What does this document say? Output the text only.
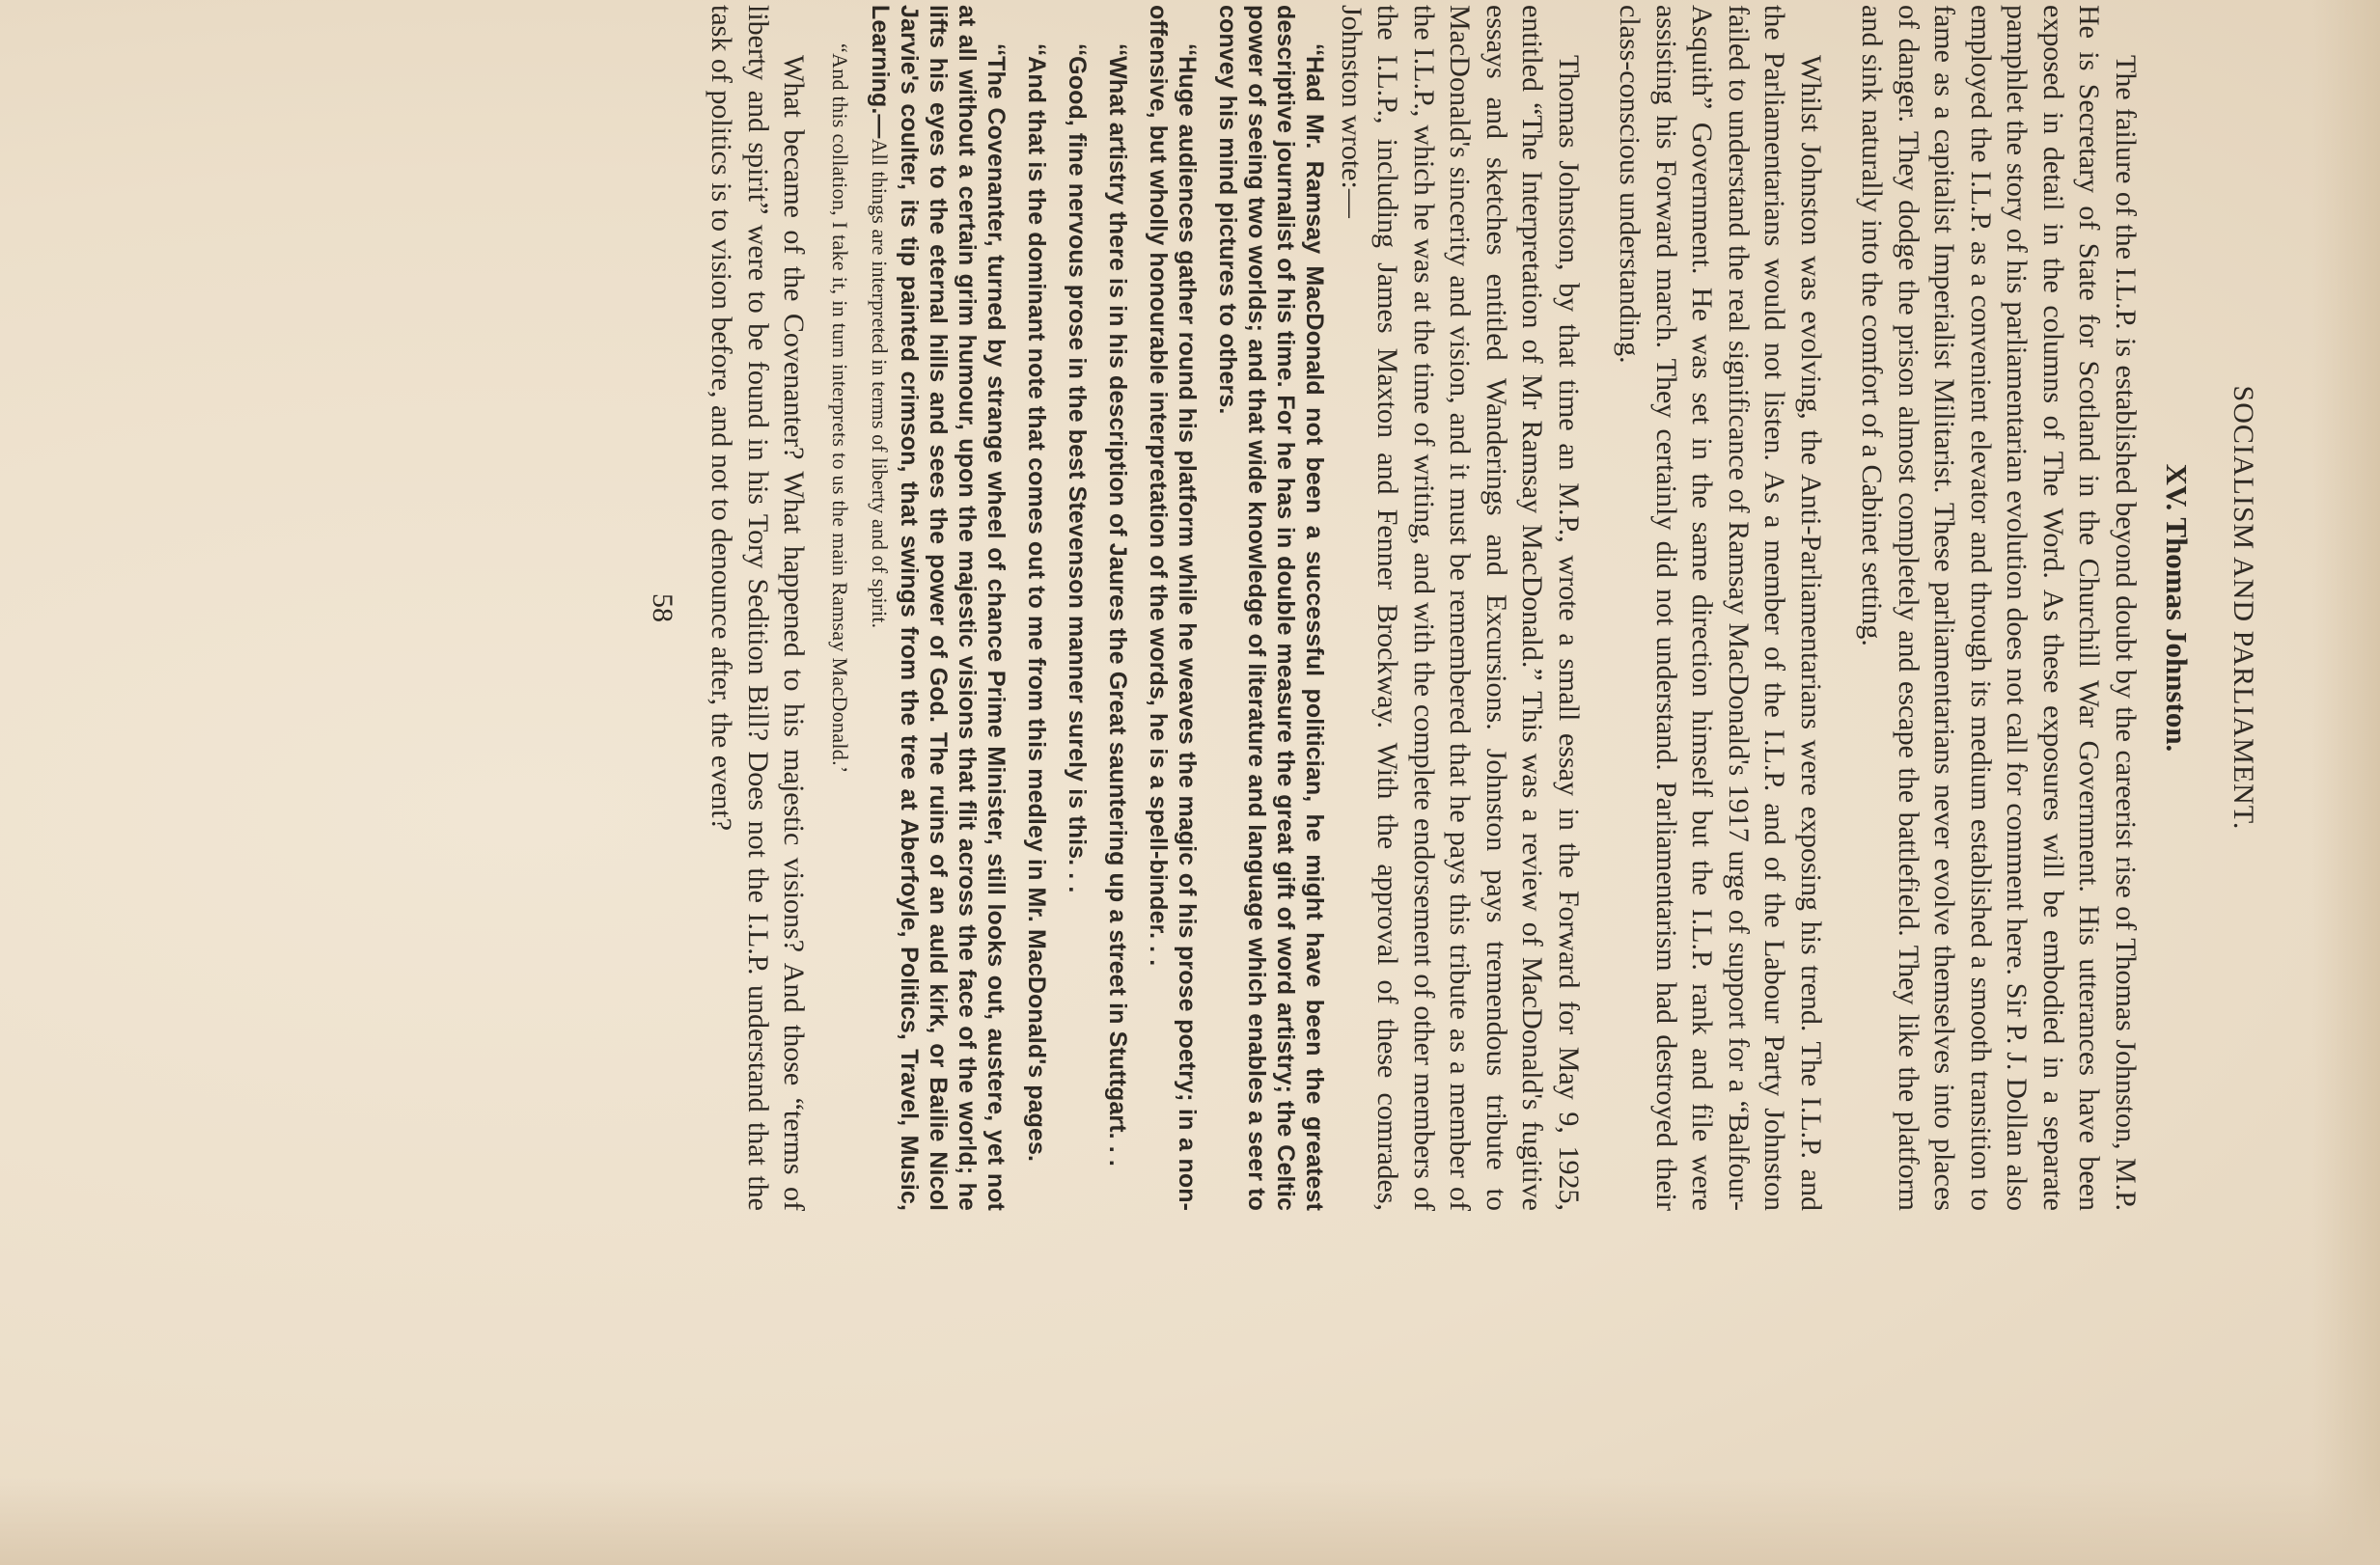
SOCIALISM AND PARLIAMENT.
XV. Thomas Johnston.

The failure of the I.L.P. is established beyond doubt by the careerist rise of Thomas Johnston, M.P. He is Secretary of State for Scotland in the Churchill War Government. His utterances have been exposed in detail in the columns of The Word. As these exposures will be embodied in a separate pamphlet the story of his parliamentarian evolution does not call for comment here. Sir P. J. Dollan also employed the I.L.P. as a convenient elevator and through its medium established a smooth transition to fame as a capitalist Imperialist Militarist. These parliamentarians never evolve themselves into places of danger. They dodge the prison almost completely and escape the battlefield. They like the platform and sink naturally into the comfort of a Cabinet setting.

Whilst Johnston was evolving, the Anti-Parliamentarians were exposing his trend. The I.L.P. and the Parliamentarians would not listen. As a member of the I.L.P. and of the Labour Party Johnston failed to understand the real significance of Ramsay MacDonald's 1917 urge of support for a “Balfour-Asquith” Government. He was set in the same direction himself but the I.L.P. rank and file were assisting his Forward march. They certainly did not understand. Parliamentarism had destroyed their class-conscious understanding.

Thomas Johnston, by that time an M.P., wrote a small essay in the Forward for May 9, 1925, entitled “The Interpretation of Mr Ramsay MacDonald.” This was a review of MacDonald's fugitive essays and sketches entitled Wanderings and Excursions. Johnston pays tremendous tribute to MacDonald's sincerity and vision, and it must be remembered that he pays this tribute as a member of the I.L.P., which he was at the time of writing, and with the complete endorsement of other members of the I.L.P., including James Maxton and Fenner Brockway. With the approval of these comrades, Johnston wrote:—

‘‘Had Mr. Ramsay MacDonald not been a successful politician, he might have been the greatest descriptive journalist of his time. For he has in double measure the great gift of word artistry; the Celtic power of seeing two worlds; and that wide knowledge of literature and language which enables a seer to convey his mind pictures to others.

‘‘Huge audiences gather round his platform while he weaves the magic of his prose poetry; in a non-offensive, but wholly honourable interpretation of the words, he is a spell-binder. . .

‘‘What artistry there is in his description of Jaures the Great sauntering up a street in Stuttgart. . .

‘‘Good, fine nervous prose in the best Stevenson manner surely is this. . .

‘‘And that is the dominant note that comes out to me from this medley in Mr. MacDonald's pages.

‘‘The Covenanter, turned by strange wheel of chance Prime Minister, still looks out, austere, yet not at all without a certain grim humour, upon the majestic visions that flit across the face of the world; he lifts his eyes to the eternal hills and sees the power of God. The ruins of an auld kirk, or Bailie Nicol Jarvie's coulter, its tip painted crimson, that swings from the tree at Aberfoyle, Politics, Travel, Music, Learning.—All things are interpreted in terms of liberty and of spirit.

“And this collation, I take it, in turn interprets to us the main Ramsay MacDonald.’

What became of the Covenanter? What happened to his majestic visions? And those “terms of liberty and spirit” were to be found in his Tory Sedition Bill? Does not the I.L.P. understand that the task of politics is to vision before, and not to denounce after, the event?

58
